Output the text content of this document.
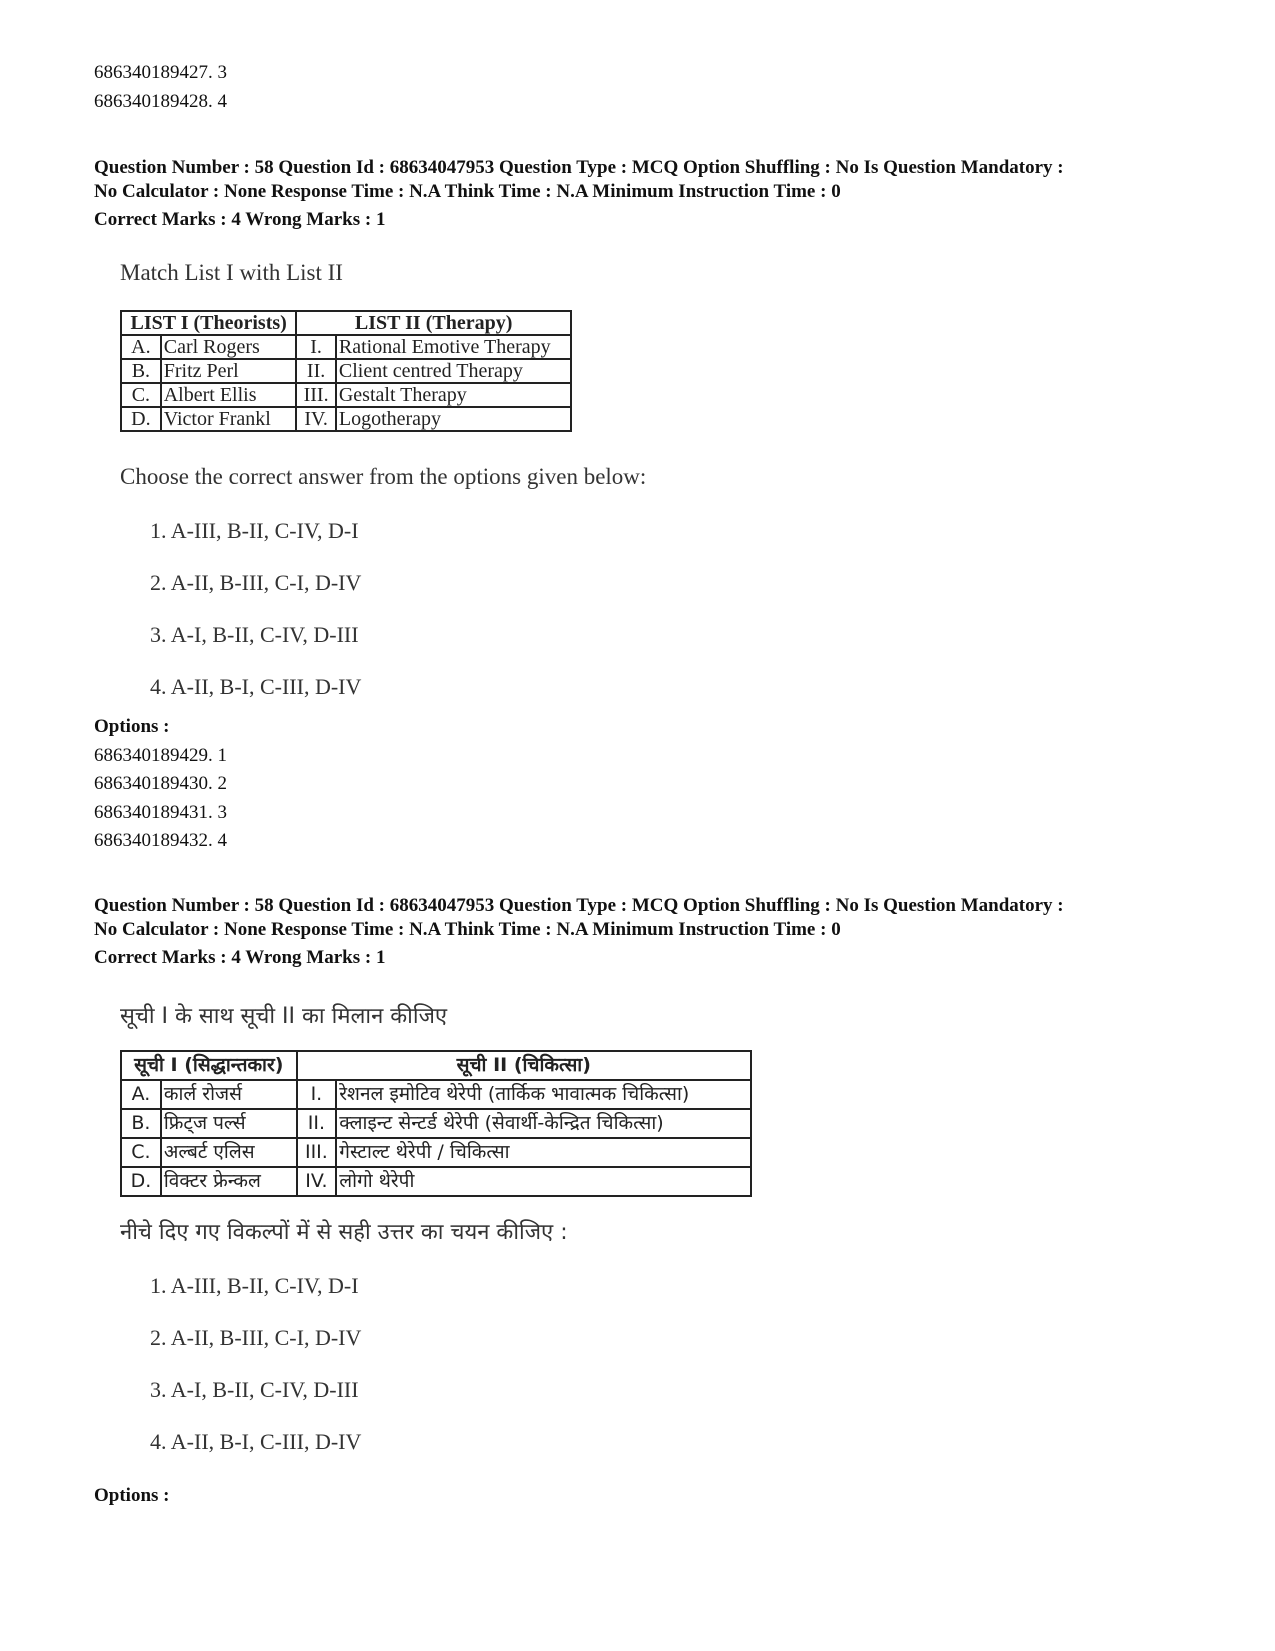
686340189427. 3
686340189428. 4
Question Number : 58 Question Id : 68634047953 Question Type : MCQ Option Shuffling : No Is Question Mandatory :
No Calculator : None Response Time : N.A Think Time : N.A Minimum Instruction Time : 0
Correct Marks : 4 Wrong Marks : 1
Match List I with List II
LIST I (Theorists)		LIST II (Therapy)	
A.	Carl Rogers	I.	Rational Emotive Therapy
B.	Fritz Perl	II.	Client centred Therapy
C.	Albert Ellis	III.	Gestalt Therapy
D.	Victor Frankl	IV.	Logotherapy
Choose the correct answer from the options given below:
1. A-III, B-II, C-IV, D-I
2. A-II, B-III, C-I, D-IV
3. A-I, B-II, C-IV, D-III
4. A-II, B-I, C-III, D-IV
Options :
686340189429. 1
686340189430. 2
686340189431. 3
686340189432. 4
Question Number : 58 Question Id : 68634047953 Question Type : MCQ Option Shuffling : No Is Question Mandatory :
No Calculator : None Response Time : N.A Think Time : N.A Minimum Instruction Time : 0
Correct Marks : 4 Wrong Marks : 1
सूची I के साथ सूची II का मिलान कीजिए
सूची I (सिद्धान्तकार)		सूची II (चिकित्सा)	
A.	कार्ल रोजर्स	I.	रेशनल इमोटिव थेरेपी (तार्किक भावात्मक चिकित्सा)
B.	फ्रिट्ज पर्ल्स	II.	क्लाइन्ट सेन्टर्ड थेरेपी (सेवार्थी-केन्द्रित चिकित्सा)
C.	अल्बर्ट एलिस	III.	गेस्टाल्ट थेरेपी / चिकित्सा
D.	विक्टर फ्रेन्कल	IV.	लोगो थेरेपी
नीचे दिए गए विकल्पों में से सही उत्तर का चयन कीजिए :
1. A-III, B-II, C-IV, D-I
2. A-II, B-III, C-I, D-IV
3. A-I, B-II, C-IV, D-III
4. A-II, B-I, C-III, D-IV
Options :
